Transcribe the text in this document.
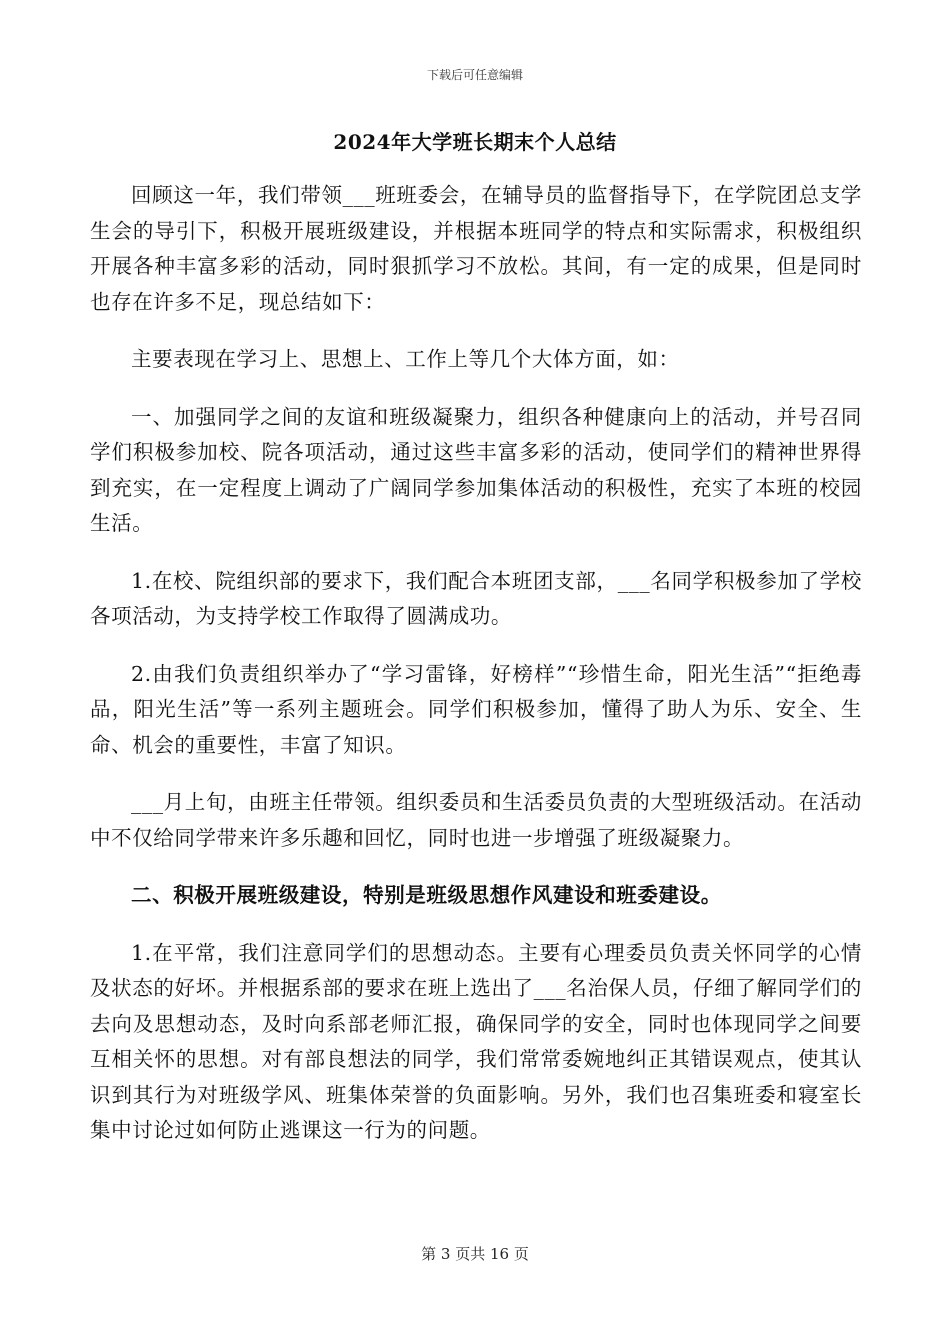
下载后可任意编辑
2024年大学班长期末个人总结

回顾这一年，我们带领___班班委会，在辅导员的监督指导下，在学院团总支学生会的导引下，积极开展班级建设，并根据本班同学的特点和实际需求，积极组织开展各种丰富多彩的活动，同时狠抓学习不放松。其间，有一定的成果，但是同时也存在许多不足，现总结如下：

主要表现在学习上、思想上、工作上等几个大体方面，如：

一、加强同学之间的友谊和班级凝聚力，组织各种健康向上的活动，并号召同学们积极参加校、院各项活动，通过这些丰富多彩的活动，使同学们的精神世界得到充实，在一定程度上调动了广阔同学参加集体活动的积极性，充实了本班的校园生活。

1.在校、院组织部的要求下，我们配合本班团支部，___名同学积极参加了学校各项活动，为支持学校工作取得了圆满成功。

2.由我们负责组织举办了“学习雷锋，好榜样”“珍惜生命，阳光生活”“拒绝毒品，阳光生活”等一系列主题班会。同学们积极参加，懂得了助人为乐、安全、生命、机会的重要性，丰富了知识。

___月上旬，由班主任带领。组织委员和生活委员负责的大型班级活动。在活动中不仅给同学带来许多乐趣和回忆，同时也进一步增强了班级凝聚力。

二、积极开展班级建设，特别是班级思想作风建设和班委建设。

1.在平常，我们注意同学们的思想动态。主要有心理委员负责关怀同学的心情及状态的好坏。并根据系部的要求在班上选出了___名治保人员，仔细了解同学们的去向及思想动态，及时向系部老师汇报，确保同学的安全，同时也体现同学之间要互相关怀的思想。对有部良想法的同学，我们常常委婉地纠正其错误观点，使其认识到其行为对班级学风、班集体荣誉的负面影响。另外，我们也召集班委和寝室长集中讨论过如何防止逃课这一行为的问题。

第 3 页共 16 页
